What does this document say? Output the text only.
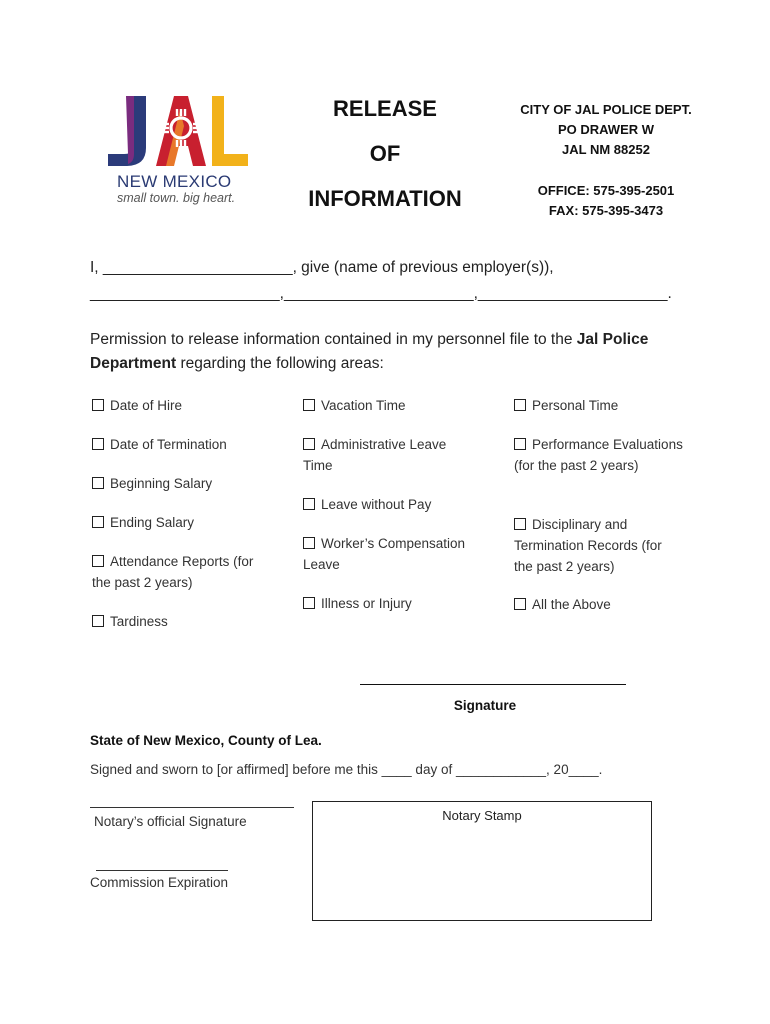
NEW MEXICO
small town. big heart.
RELEASE
OF
INFORMATION
CITY OF JAL POLICE DEPT.
PO DRAWER W
JAL NM 88252
OFFICE: 575-395-2501
FAX: 575-395-3473
I, ______________________, give (name of previous employer(s)),
______________________,______________________,______________________.
Permission to release information contained in my personnel file to the Jal Police
Department regarding the following areas:
Date of Hire
Date of Termination
Beginning Salary
Ending Salary
Attendance Reports (for the past 2 years)
Tardiness
Vacation Time
Administrative Leave Time
Leave without Pay
Worker’s Compensation Leave
Illness or Injury
Personal Time
Performance Evaluations (for the past 2 years)
Disciplinary and Termination Records (for the past 2 years)
All the Above
Signature
State of New Mexico, County of Lea.
Signed and sworn to [or affirmed] before me this ____ day of ____________, 20____.
Notary’s official Signature
Commission Expiration
Notary Stamp
